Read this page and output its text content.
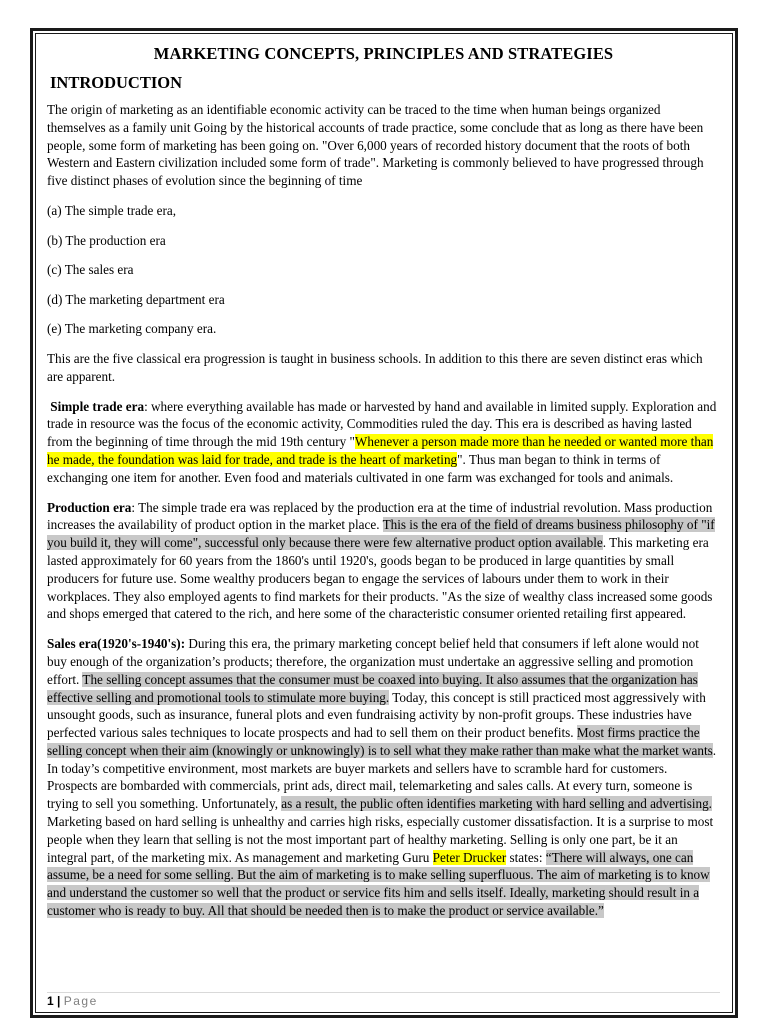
MARKETING CONCEPTS, PRINCIPLES AND STRATEGIES
INTRODUCTION

The origin of marketing as an identifiable economic activity can be traced to the time when human beings organized themselves as a family unit Going by the historical accounts of trade practice, some conclude that as long as there have been people, some form of marketing has been going on. "Over 6,000 years of recorded history document that the roots of both Western and Eastern civilization included some form of trade". Marketing is commonly believed to have progressed through five distinct phases of evolution since the beginning of time

(a) The simple trade era,

(b) The production era

(c) The sales era

(d) The marketing department era

(e) The marketing company era.

This are the five classical era progression is taught in business schools. In addition to this there are seven distinct eras which are apparent.

Simple trade era: where everything available has made or harvested by hand and available in limited supply. Exploration and trade in resource was the focus of the economic activity, Commodities ruled the day. This era is described as having lasted from the beginning of time through the mid 19th century "Whenever a person made more than he needed or wanted more than he made, the foundation was laid for trade, and trade is the heart of marketing". Thus man began to think in terms of exchanging one item for another. Even food and materials cultivated in one farm was exchanged for tools and animals.

Production era: The simple trade era was replaced by the production era at the time of industrial revolution. Mass production increases the availability of product option in the market place. This is the era of the field of dreams business philosophy of "if you build it, they will come", successful only because there were few alternative product option available. This marketing era lasted approximately for 60 years from the 1860's until 1920's, goods began to be produced in large quantities by small producers for future use. Some wealthy producers began to engage the services of labours under them to work in their workplaces. They also employed agents to find markets for their products. "As the size of wealthy class increased some goods and shops emerged that catered to the rich, and here some of the characteristic consumer oriented retailing first appeared.

Sales era(1920's-1940's): During this era, the primary marketing concept belief held that consumers if left alone would not buy enough of the organization’s products; therefore, the organization must undertake an aggressive selling and promotion effort. The selling concept assumes that the consumer must be coaxed into buying. It also assumes that the organization has effective selling and promotional tools to stimulate more buying. Today, this concept is still practiced most aggressively with unsought goods, such as insurance, funeral plots and even fundraising activity by non-profit groups. These industries have perfected various sales techniques to locate prospects and had to sell them on their product benefits. Most firms practice the selling concept when their aim (knowingly or unknowingly) is to sell what they make rather than make what the market wants. In today’s competitive environment, most markets are buyer markets and sellers have to scramble hard for customers. Prospects are bombarded with commercials, print ads, direct mail, telemarketing and sales calls. At every turn, someone is trying to sell you something. Unfortunately, as a result, the public often identifies marketing with hard selling and advertising. Marketing based on hard selling is unhealthy and carries high risks, especially customer dissatisfaction. It is a surprise to most people when they learn that selling is not the most important part of healthy marketing. Selling is only one part, be it an integral part, of the marketing mix. As management and marketing Guru Peter Drucker states: “There will always, one can assume, be a need for some selling. But the aim of marketing is to make selling superfluous. The aim of marketing is to know and understand the customer so well that the product or service fits him and sells itself. Ideally, marketing should result in a customer who is ready to buy. All that should be needed then is to make the product or service available.”

1 | Page
